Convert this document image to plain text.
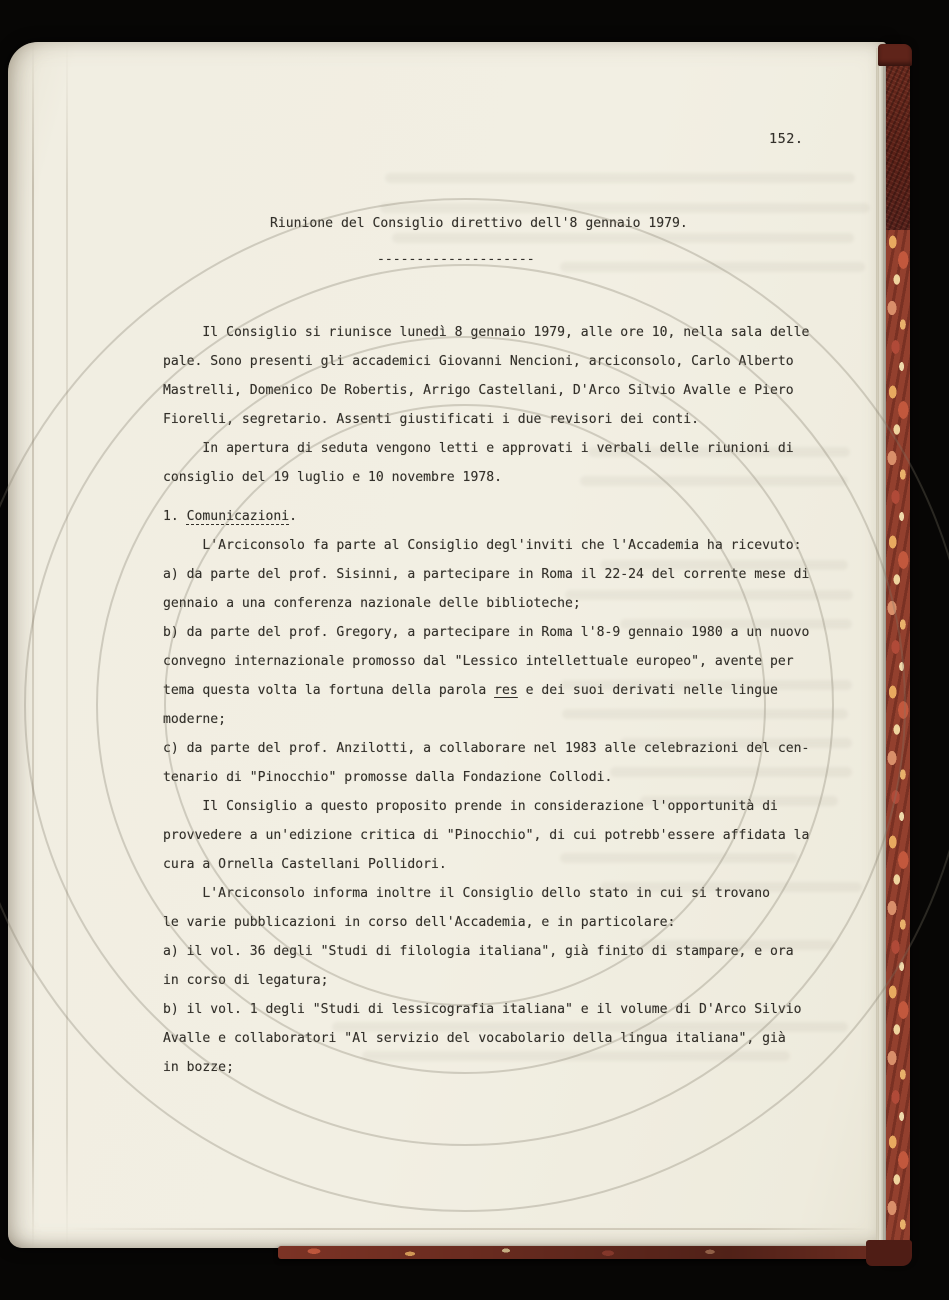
152.
Riunione del Consiglio direttivo dell'8 gennaio 1979.
--------------------
Il Consiglio si riunisce lunedì 8 gennaio 1979, alle ore 10, nella sala delle
pale. Sono presenti gli accademici Giovanni Nencioni, arciconsolo, Carlo Alberto
Mastrelli, Domenico De Robertis, Arrigo Castellani, D'Arco Silvio Avalle e Piero
Fiorelli, segretario. Assenti giustificati i due revisori dei conti.
In apertura di seduta vengono letti e approvati i verbali delle riunioni di
consiglio del 19 luglio e 10 novembre 1978.
1. Comunicazioni.
L'Arciconsolo fa parte al Consiglio degl'inviti che l'Accademia ha ricevuto:
a) da parte del prof. Sisinni, a partecipare in Roma il 22-24 del corrente mese di
gennaio a una conferenza nazionale delle biblioteche;
b) da parte del prof. Gregory, a partecipare in Roma l'8-9 gennaio 1980 a un nuovo
convegno internazionale promosso dal "Lessico intellettuale europeo", avente per
tema questa volta la fortuna della parola res e dei suoi derivati nelle lingue
moderne;
c) da parte del prof. Anzilotti, a collaborare nel 1983 alle celebrazioni del cen-
tenario di "Pinocchio" promosse dalla Fondazione Collodi.
Il Consiglio a questo proposito prende in considerazione l'opportunità di
provvedere a un'edizione critica di "Pinocchio", di cui potrebb'essere affidata la
cura a Ornella Castellani Pollidori.
L'Arciconsolo informa inoltre il Consiglio dello stato in cui si trovano
le varie pubblicazioni in corso dell'Accademia, e in particolare:
a) il vol. 36 degli "Studi di filologia italiana", già finito di stampare, e ora
in corso di legatura;
b) il vol. 1 degli "Studi di lessicografia italiana" e il volume di D'Arco Silvio
Avalle e collaboratori "Al servizio del vocabolario della lingua italiana", già
in bozze;
